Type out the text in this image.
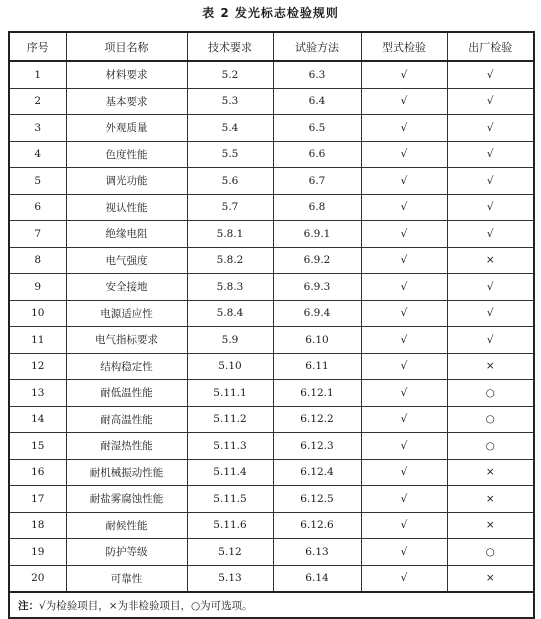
表 2 发光标志检验规则
序号	项目名称	技术要求	试验方法	型式检验	出厂检验
1	材料要求	5.2	6.3	√	√
2	基本要求	5.3	6.4	√	√
3	外观质量	5.4	6.5	√	√
4	色度性能	5.5	6.6	√	√
5	调光功能	5.6	6.7	√	√
6	视认性能	5.7	6.8	√	√
7	绝缘电阻	5.8.1	6.9.1	√	√
8	电气强度	5.8.2	6.9.2	√	×
9	安全接地	5.8.3	6.9.3	√	√
10	电源适应性	5.8.4	6.9.4	√	√
11	电气指标要求	5.9	6.10	√	√
12	结构稳定性	5.10	6.11	√	×
13	耐低温性能	5.11.1	6.12.1	√	○
14	耐高温性能	5.11.2	6.12.2	√	○
15	耐湿热性能	5.11.3	6.12.3	√	○
16	耐机械振动性能	5.11.4	6.12.4	√	×
17	耐盐雾腐蚀性能	5.11.5	6.12.5	√	×
18	耐候性能	5.11.6	6.12.6	√	×
19	防护等级	5.12	6.13	√	○
20	可靠性	5.13	6.14	√	×
注：√为检验项目，×为非检验项目，○为可选项。					
